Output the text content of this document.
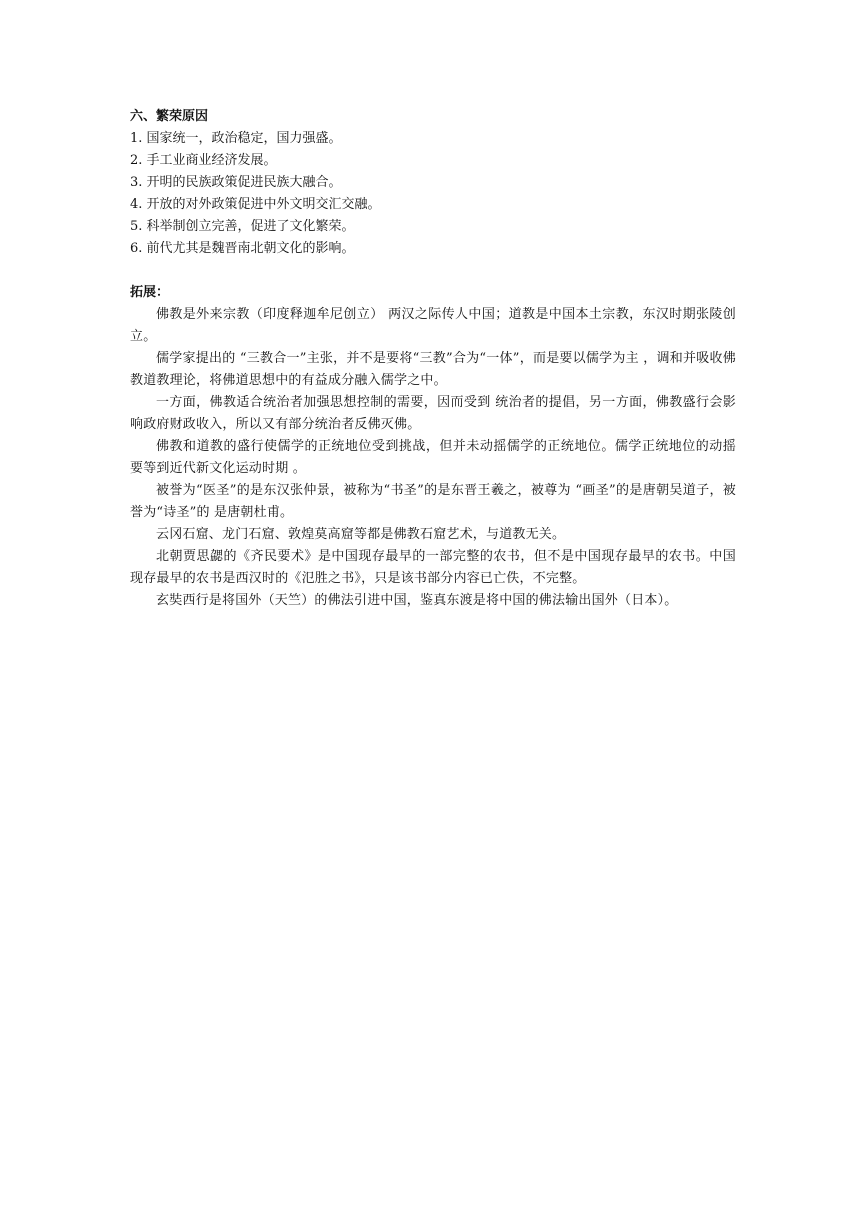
六、繁荣原因

1. 国家统一，政治稳定，国力强盛。

2. 手工业商业经济发展。

3. 开明的民族政策促进民族大融合。

4. 开放的对外政策促进中外文明交汇交融。

5. 科举制创立完善，促进了文化繁荣。

6. 前代尤其是魏晋南北朝文化的影响。

拓展：

佛教是外来宗教（印度释迦牟尼创立） 两汉之际传人中国；道教是中国本土宗教，东汉时期张陵创立。

儒学家提出的 “三教合一”主张，并不是要将“三教”合为“一体”，而是要以儒学为主 ，调和并吸收佛教道教理论，将佛道思想中的有益成分融入儒学之中。

一方面，佛教适合统治者加强思想控制的需要，因而受到 统治者的提倡，另一方面，佛教盛行会影响政府财政收入，所以又有部分统治者反佛灭佛。

佛教和道教的盛行使儒学的正统地位受到挑战，但并未动摇儒学的正统地位。儒学正统地位的动摇要等到近代新文化运动时期 。

被誉为“医圣”的是东汉张仲景，被称为“书圣”的是东晋王羲之，被尊为 “画圣”的是唐朝吴道子，被誉为“诗圣”的 是唐朝杜甫。

云冈石窟、龙门石窟、敦煌莫高窟等都是佛教石窟艺术，与道教无关。

北朝贾思勰的《齐民要术》是中国现存最早的一部完整的农书，但不是中国现存最早的农书。中国现存最早的农书是西汉时的《氾胜之书》，只是该书部分内容已亡佚，不完整。

玄奘西行是将国外（天竺）的佛法引进中国，鉴真东渡是将中国的佛法输出国外（日本）。
